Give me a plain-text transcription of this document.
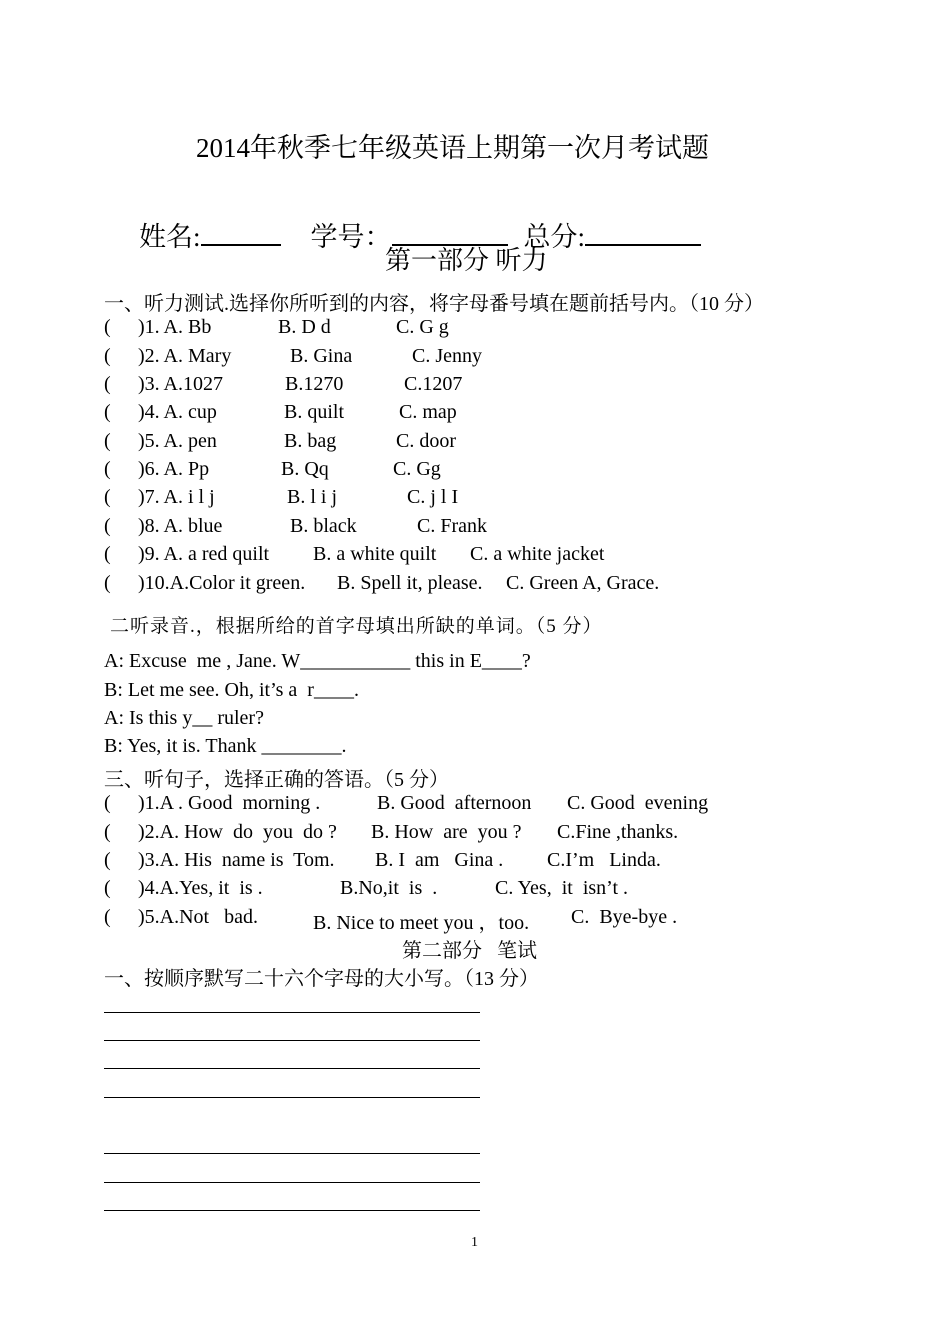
2014年秋季七年级英语上期第一次月考试题

姓名:	学号：	总分:

第一部分 听力
一、听力测试.选择你所听到的内容，将字母番号填在题前括号内。（10 分）
( )1. A. Bb	B. D d	C. G g
( )2. A. Mary	B. Gina	C. Jenny
( )3. A.1027	B.1270	C.1207
( )4. A. cup	B. quilt	C. map
( )5. A. pen	B. bag	C. door
( )6. A. Pp	B. Qq	C. Gg
( )7. A. i l j	B. l i j	C. j l I
( )8. A. blue	B. black	C. Frank
( )9. A. a red quilt B. a white quilt C. a white jacket
( )10.A.Color it green. B. Spell it, please. C. Green A, Grace.
二听录音.，根据所给的首字母填出所缺的单词。（5 分）
A: Excuse  me , Jane. W___________ this in E____?
B: Let me see. Oh, it’s a  r____.
A: Is this y__ ruler?
B: Yes, it is. Thank ________.
三、听句子，选择正确的答语。（5 分）
( )1.A . Good  morning .	B. Good  afternoon C. Good  evening
( )2.A. How  do  you  do ? B. How  are  you ? C.Fine ,thanks.
( )3.A. His  name is  Tom. B. I  am   Gina . C.I’m   Linda.
( )4.A.Yes, it  is .	B.No,it  is  .	C. Yes,  it  isn’t .
( )5.A.Not   bad.	B. Nice to meet you ，too. C.  Bye-bye .
第二部分   笔试
一、按顺序默写二十六个字母的大小写。（13 分）
1
